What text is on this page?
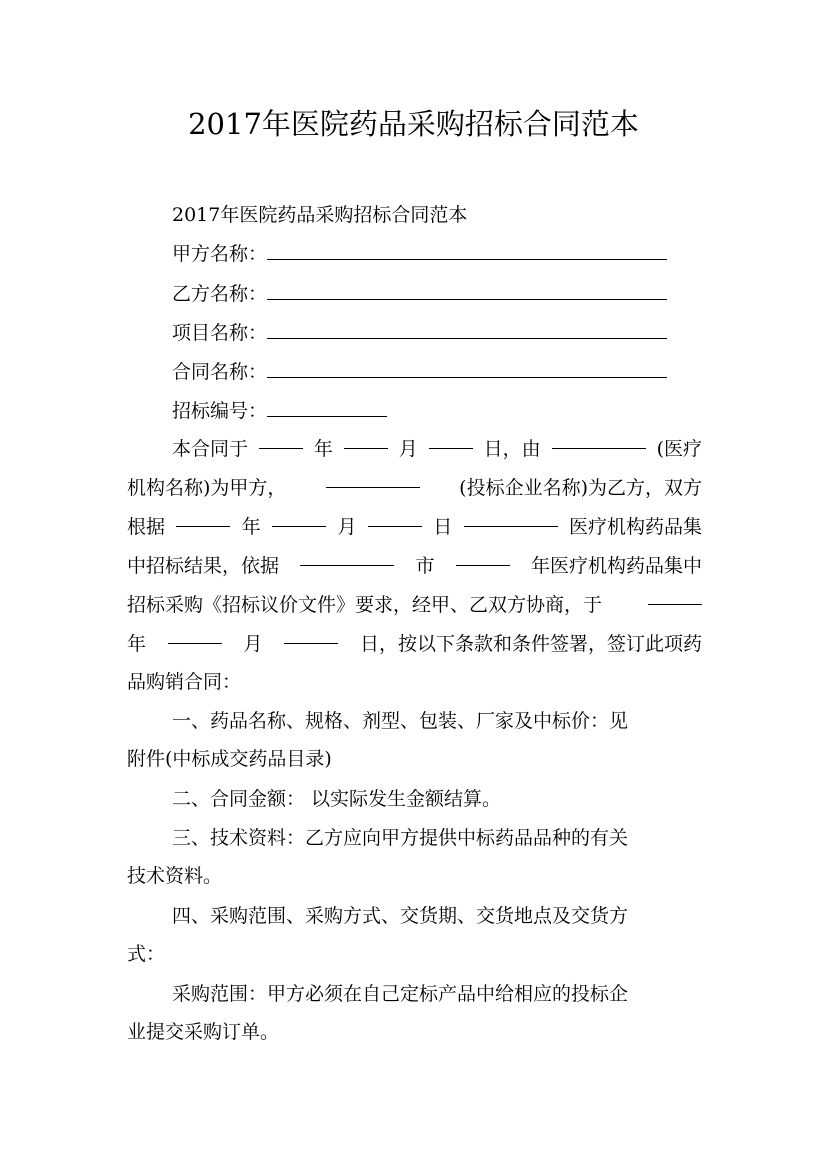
2017年医院药品采购招标合同范本
2017年医院药品采购招标合同范本
甲方名称：
乙方名称：
项目名称：
合同名称：
招标编号：
本合同于	年	月	日，由	(医疗
机构名称)为甲方，	(投标企业名称)为乙方，双方
根据	年	月	日	医疗机构药品集
中招标结果，依据	市	年医疗机构药品集中
招标采购《招标议价文件》要求，经甲、乙双方协商，于
年	月	日，按以下条款和条件签署，签订此项药
品购销合同：
一、药品名称、规格、剂型、包装、厂家及中标价：见
附件(中标成交药品目录)
二、合同金额： 以实际发生金额结算。
三、技术资料：乙方应向甲方提供中标药品品种的有关
技术资料。
四、采购范围、采购方式、交货期、交货地点及交货方
式：
采购范围：甲方必须在自己定标产品中给相应的投标企
业提交采购订单。
